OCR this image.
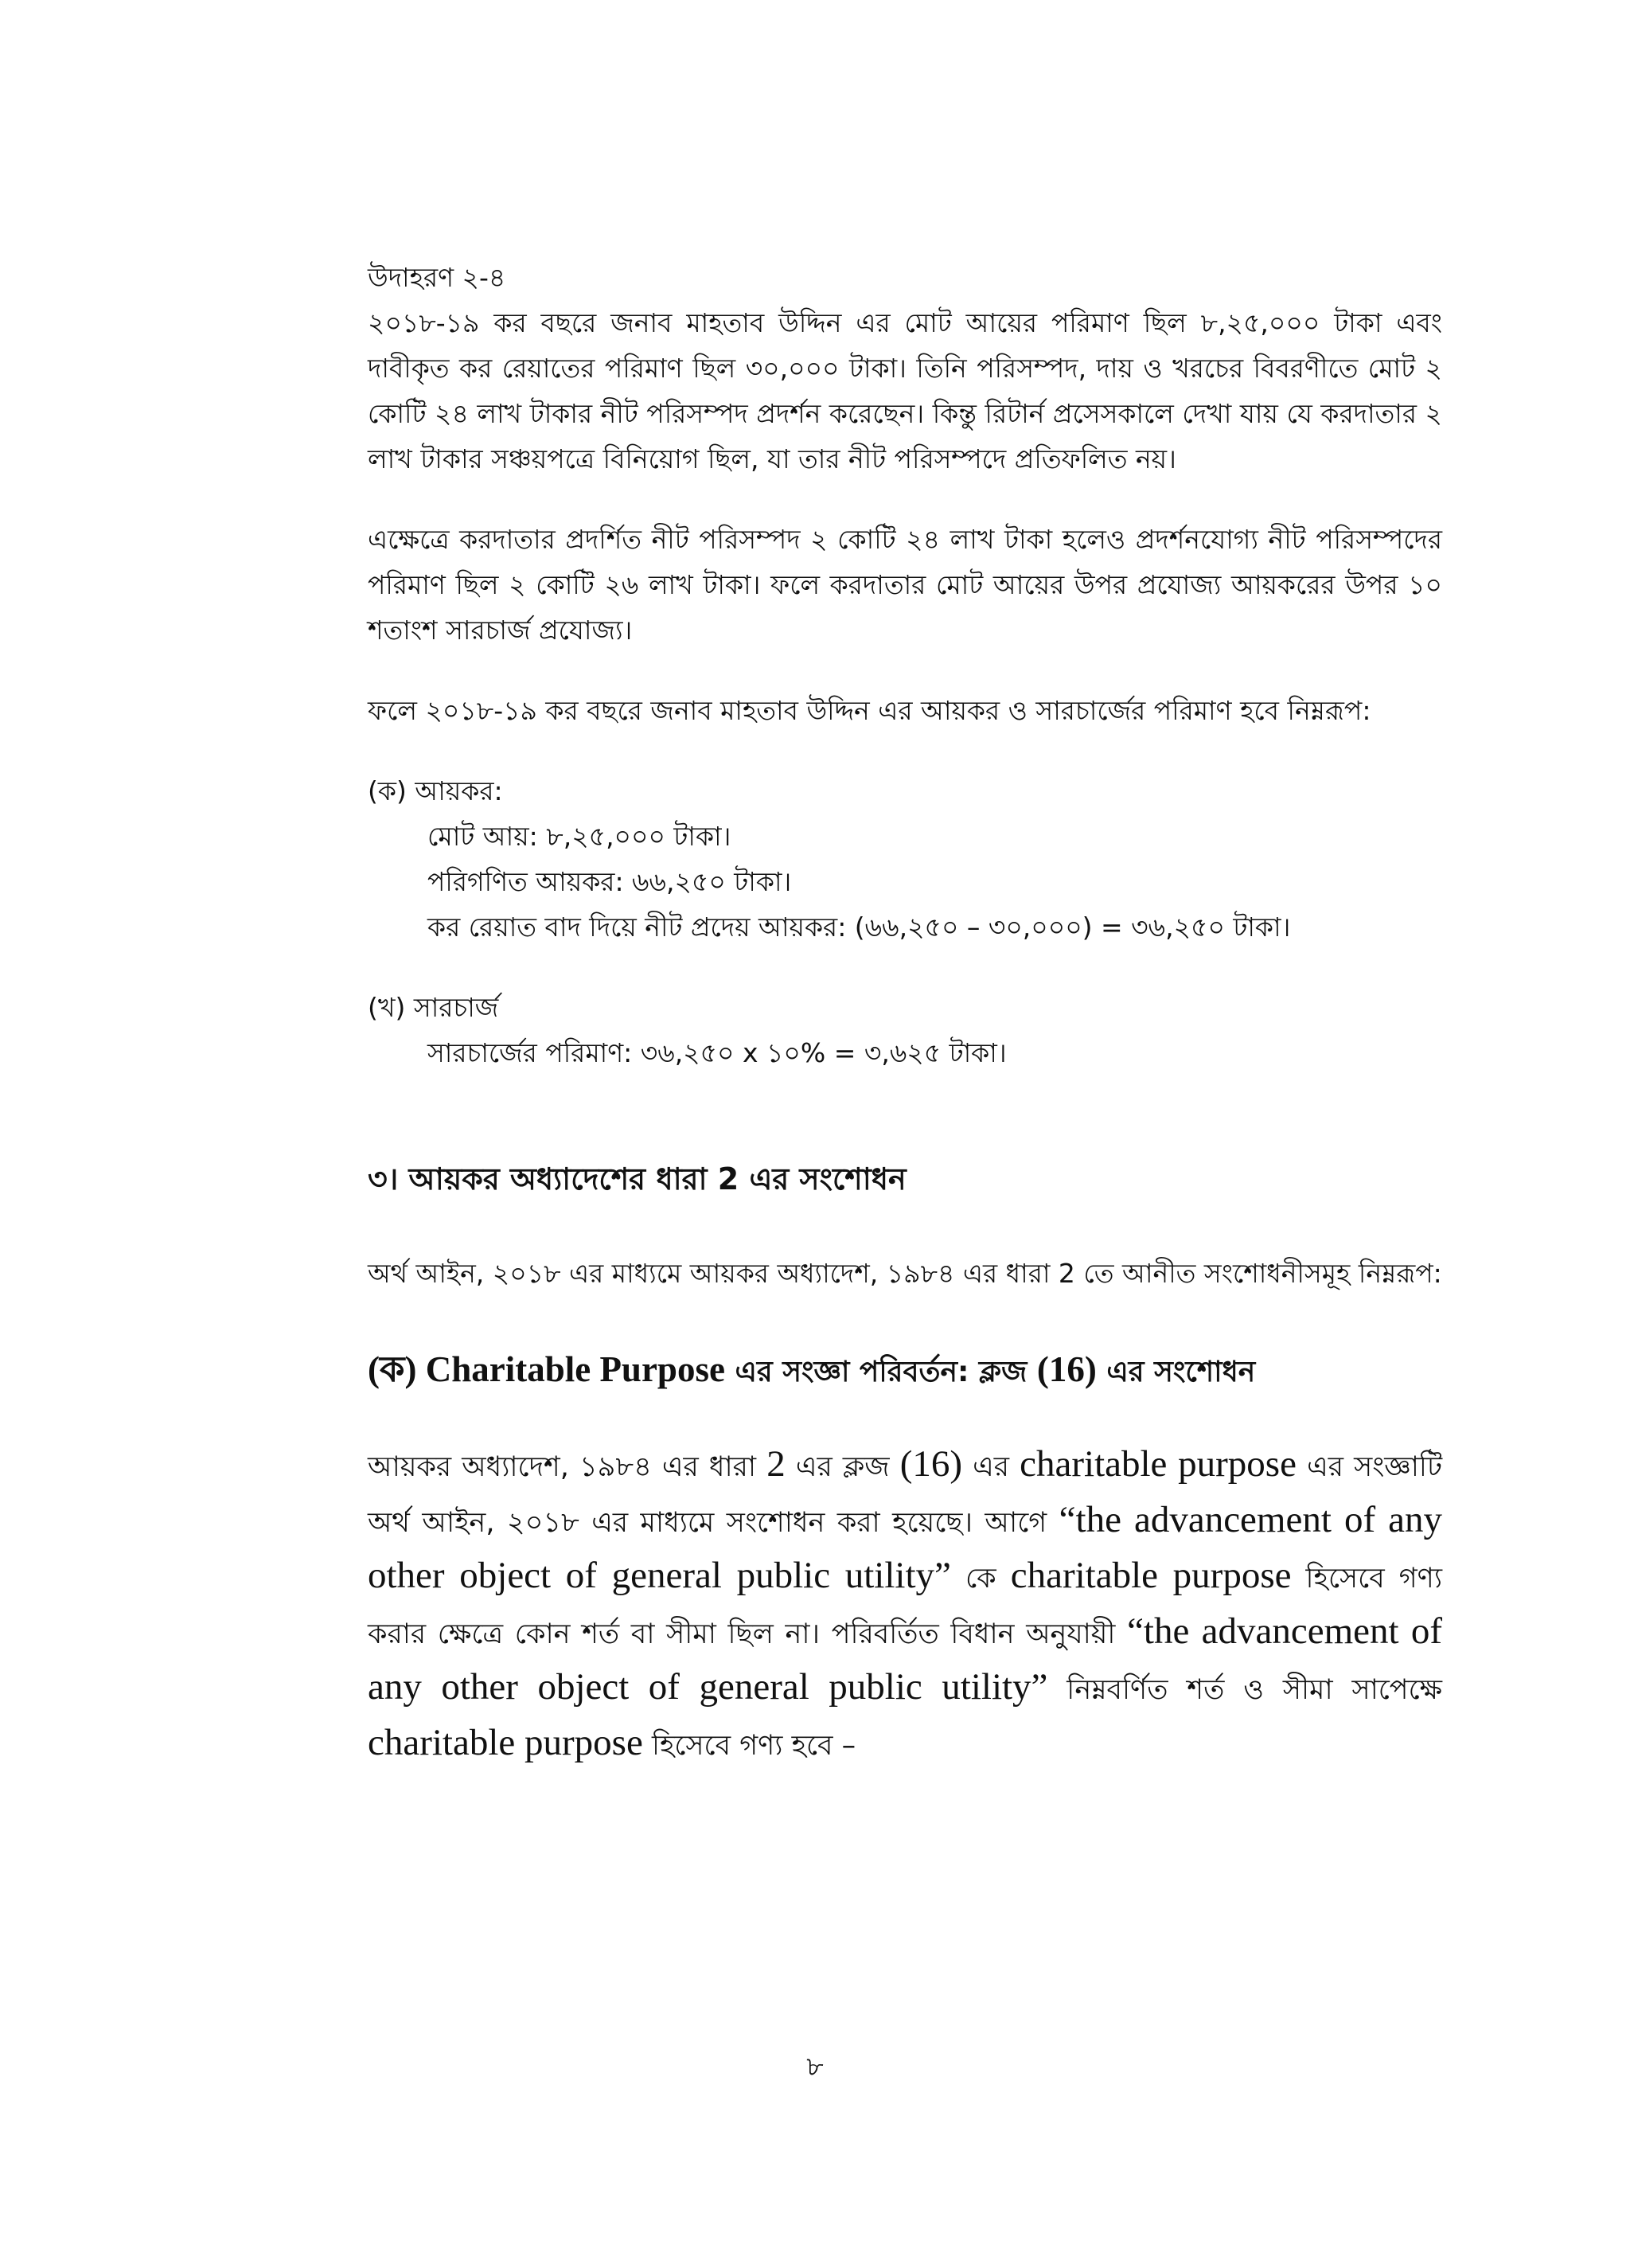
উদাহরণ ২-৪

২০১৮-১৯ কর বছরে জনাব মাহতাব উদ্দিন এর মোট আয়ের পরিমাণ ছিল ৮,২৫,০০০ টাকা এবং দাবীকৃত কর রেয়াতের পরিমাণ ছিল ৩০,০০০ টাকা। তিনি পরিসম্পদ, দায় ও খরচের বিবরণীতে মোট ২ কোটি ২৪ লাখ টাকার নীট পরিসম্পদ প্রদর্শন করেছেন। কিন্তু রিটার্ন প্রসেসকালে দেখা যায় যে করদাতার ২ লাখ টাকার সঞ্চয়পত্রে বিনিয়োগ ছিল, যা তার নীট পরিসম্পদে প্রতিফলিত নয়।

এক্ষেত্রে করদাতার প্রদর্শিত নীট পরিসম্পদ ২ কোটি ২৪ লাখ টাকা হলেও প্রদর্শনযোগ্য নীট পরিসম্পদের পরিমাণ ছিল ২ কোটি ২৬ লাখ টাকা। ফলে করদাতার মোট আয়ের উপর প্রযোজ্য আয়করের উপর ১০ শতাংশ সারচার্জ প্রযোজ্য।

ফলে ২০১৮-১৯ কর বছরে জনাব মাহতাব উদ্দিন এর আয়কর ও সারচার্জের পরিমাণ হবে নিম্নরূপ:

(ক) আয়কর:

মোট আয়: ৮,২৫,০০০ টাকা।

পরিগণিত আয়কর: ৬৬,২৫০ টাকা।

কর রেয়াত বাদ দিয়ে নীট প্রদেয় আয়কর: (৬৬,২৫০ – ৩০,০০০) = ৩৬,২৫০ টাকা।

(খ) সারচার্জ

সারচার্জের পরিমাণ: ৩৬,২৫০ x ১০% = ৩,৬২৫ টাকা।

৩। আয়কর অধ্যাদেশের ধারা 2 এর সংশোধন

অর্থ আইন, ২০১৮ এর মাধ্যমে আয়কর অধ্যাদেশ, ১৯৮৪ এর ধারা 2 তে আনীত সংশোধনীসমূহ নিম্নরূপ:

(ক) Charitable Purpose এর সংজ্ঞা পরিবর্তন: ক্লজ (16) এর সংশোধন

আয়কর অধ্যাদেশ, ১৯৮৪ এর ধারা 2 এর ক্লজ (16) এর charitable purpose এর সংজ্ঞাটি অর্থ আইন, ২০১৮ এর মাধ্যমে সংশোধন করা হয়েছে। আগে “the advancement of any other object of general public utility” কে charitable purpose হিসেবে গণ্য করার ক্ষেত্রে কোন শর্ত বা সীমা ছিল না। পরিবর্তিত বিধান অনুযায়ী “the advancement of any other object of general public utility” নিম্নবর্ণিত শর্ত ও সীমা সাপেক্ষে charitable purpose হিসেবে গণ্য হবে –

৮
